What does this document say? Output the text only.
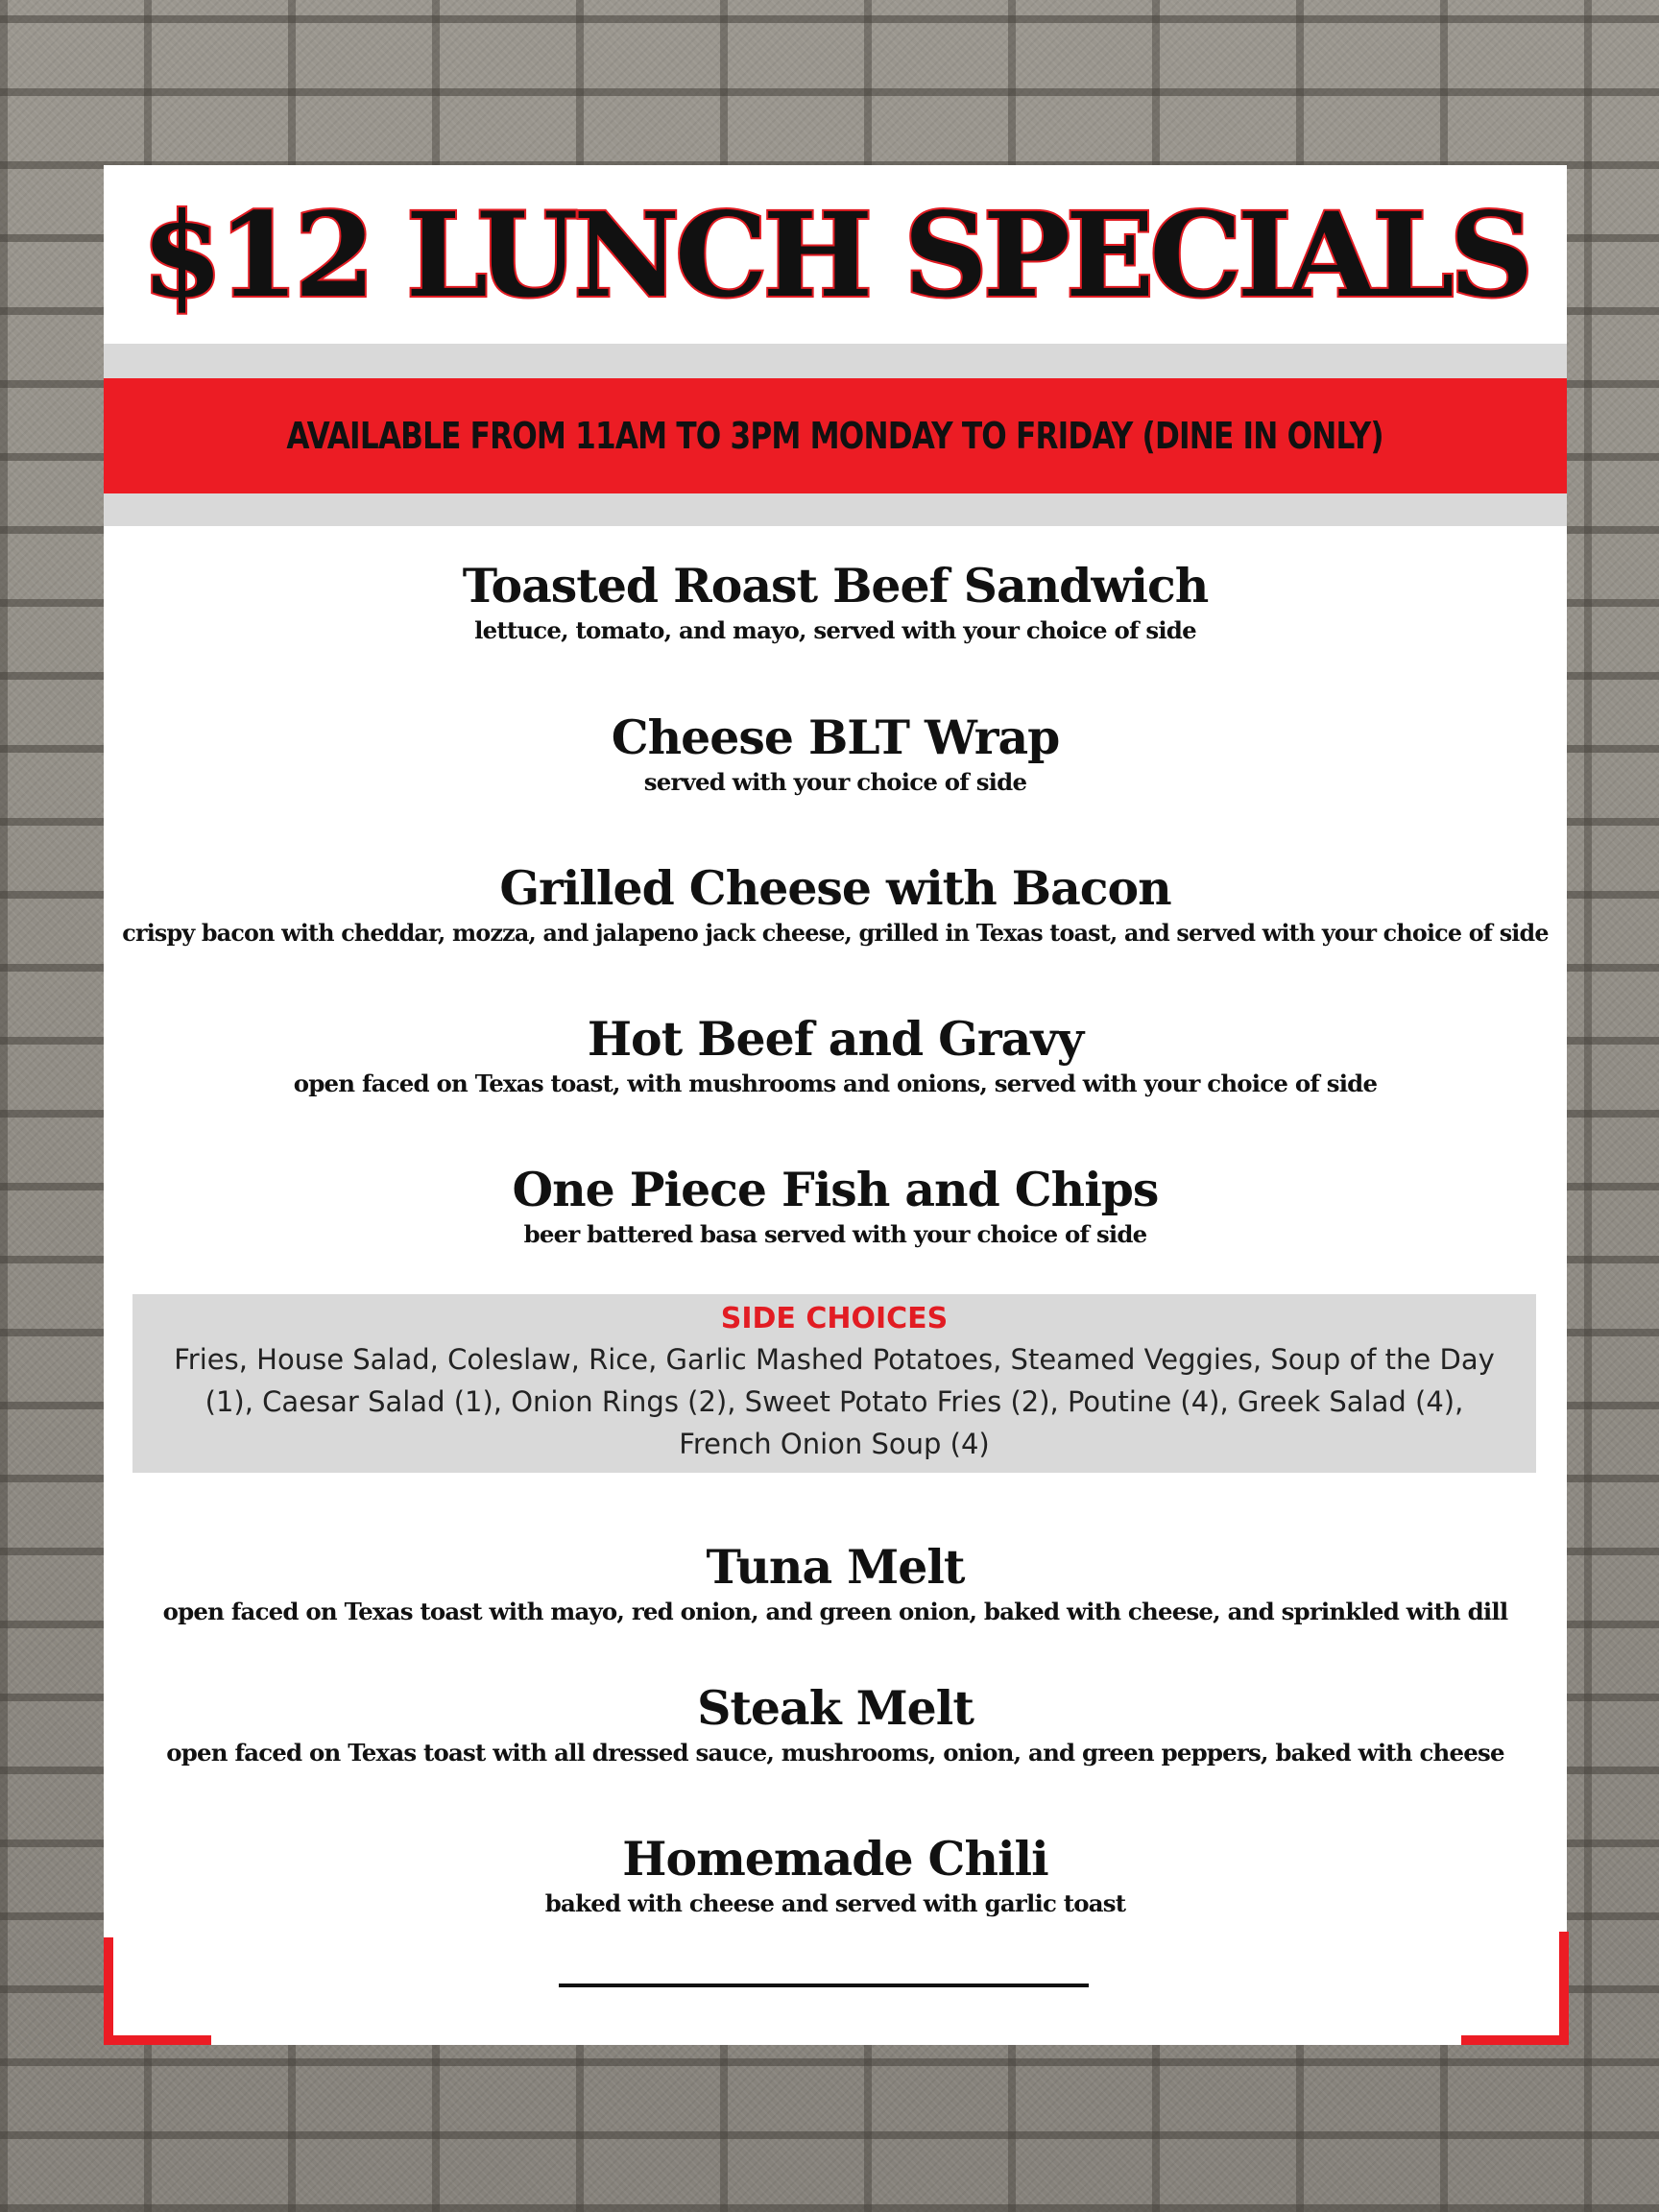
$12 LUNCH SPECIALS
AVAILABLE FROM 11AM TO 3PM MONDAY TO FRIDAY (DINE IN ONLY)
Toasted Roast Beef Sandwich
lettuce, tomato, and mayo, served with your choice of side
Cheese BLT Wrap
served with your choice of side
Grilled Cheese with Bacon
crispy bacon with cheddar, mozza, and jalapeno jack cheese, grilled in Texas toast, and served with your choice of side
Hot Beef and Gravy
open faced on Texas toast, with mushrooms and onions, served with your choice of side
One Piece Fish and Chips
beer battered basa served with your choice of side
SIDE CHOICES
Fries, House Salad, Coleslaw, Rice, Garlic Mashed Potatoes, Steamed Veggies, Soup of the Day (1), Caesar Salad (1), Onion Rings (2), Sweet Potato Fries (2), Poutine (4), Greek Salad (4), French Onion Soup (4)
Tuna Melt
open faced on Texas toast with mayo, red onion, and green onion, baked with cheese, and sprinkled with dill
Steak Melt
open faced on Texas toast with all dressed sauce, mushrooms, onion, and green peppers, baked with cheese
Homemade Chili
baked with cheese and served with garlic toast
